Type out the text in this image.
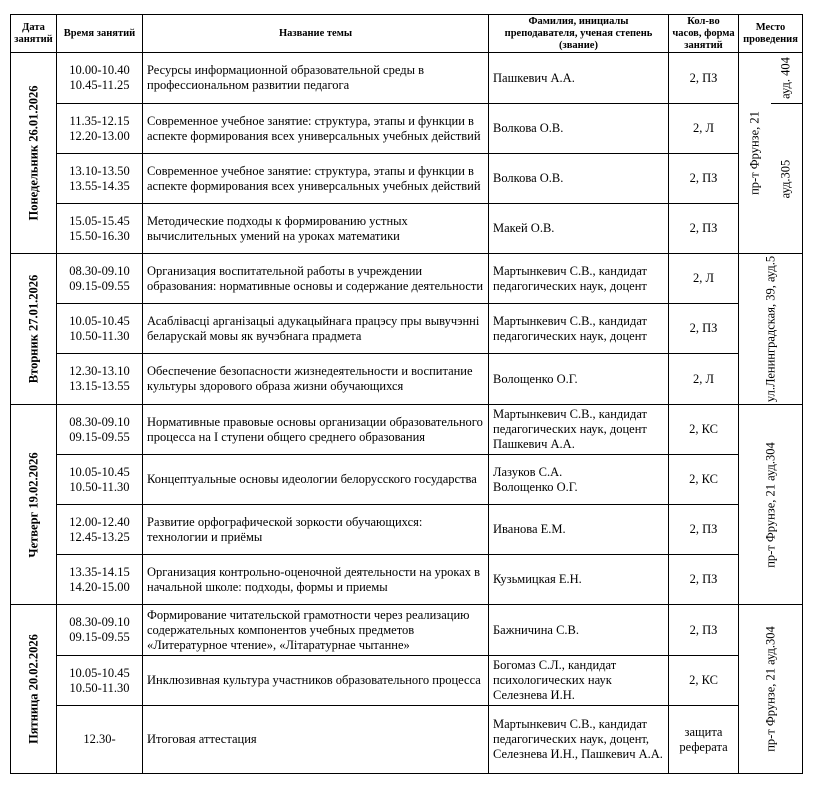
Дата
занятий	Время занятий	Название темы	Фамилия, инициалы
преподавателя, ученая степень
(звание)	Кол-во
часов, форма
занятий	Место
проведения	

Понедельник 26.01.2026	10.00-10.40
10.45-11.25	Ресурсы информационной образовательной среды в профессиональном развитии педагога	Пашкевич А.А.	2, ПЗ	пр-т Фрунзе, 21	ауд. 404

	11.35-12.15
12.20-13.00	Современное учебное занятие: структура, этапы и функции в аспекте формирования всех универсальных учебных действий	Волкова О.В.	2, Л		ауд.305

	13.10-13.50
13.55-14.35	Современное учебное занятие: структура, этапы и функции в аспекте формирования всех универсальных учебных действий	Волкова О.В.	2, ПЗ		
	15.05-15.45
15.50-16.30	Методические подходы к формированию устных вычислительных умений на уроках математики	Макей О.В.	2, ПЗ		

Вторник 27.01.2026	08.30-09.10
09.15-09.55	Организация воспитательной работы в учреждении образования: нормативные основы и содержание деятельности	Мартынкевич С.В., кандидат педагогических наук, доцент	2, Л	ул.Ленинградская, 39, ауд.5	

	10.05-10.45
10.50-11.30	Асаблівасці арганізацыі адукацыйнага працэсу пры вывучэнні беларускай мовы як вучэбнага прадмета	Мартынкевич С.В., кандидат педагогических наук, доцент	2, ПЗ		
	12.30-13.10
13.15-13.55	Обеспечение безопасности жизнедеятельности и воспитание культуры здорового образа жизни обучающихся	Волощенко О.Г.	2, Л		

Четверг 19.02.2026	08.30-09.10
09.15-09.55	Нормативные правовые основы организации образовательного процесса на I ступени общего среднего образования	Мартынкевич С.В., кандидат педагогических наук, доцент Пашкевич А.А.	2, КС	пр-т Фрунзе, 21 ауд.304	

	10.05-10.45
10.50-11.30	Концептуальные основы идеологии белорусского государства	Лазуков С.А.
Волощенко О.Г.	2, КС		
	12.00-12.40
12.45-13.25	Развитие орфографической зоркости обучающихся: технологии и приёмы	Иванова Е.М.	2, ПЗ		
	13.35-14.15
14.20-15.00	Организация контрольно-оценочной деятельности на уроках в начальной школе: подходы, формы и приемы	Кузьмицкая Е.Н.	2, ПЗ		

Пятница 20.02.2026	08.30-09.10
09.15-09.55	Формирование читательской грамотности через реализацию содержательных компонентов учебных предметов «Литературное чтение», «Літаратурнае чытанне»	Бажничина С.В.	2, ПЗ	пр-т Фрунзе, 21 ауд.304	

	10.05-10.45
10.50-11.30	Инклюзивная культура участников образовательного процесса	Богомаз С.Л., кандидат психологических наук Селезнева И.Н.	2, КС		
	12.30-	Итоговая аттестация	Мартынкевич С.В., кандидат педагогических наук, доцент, Селезнева И.Н., Пашкевич А.А.	защита
реферата		
